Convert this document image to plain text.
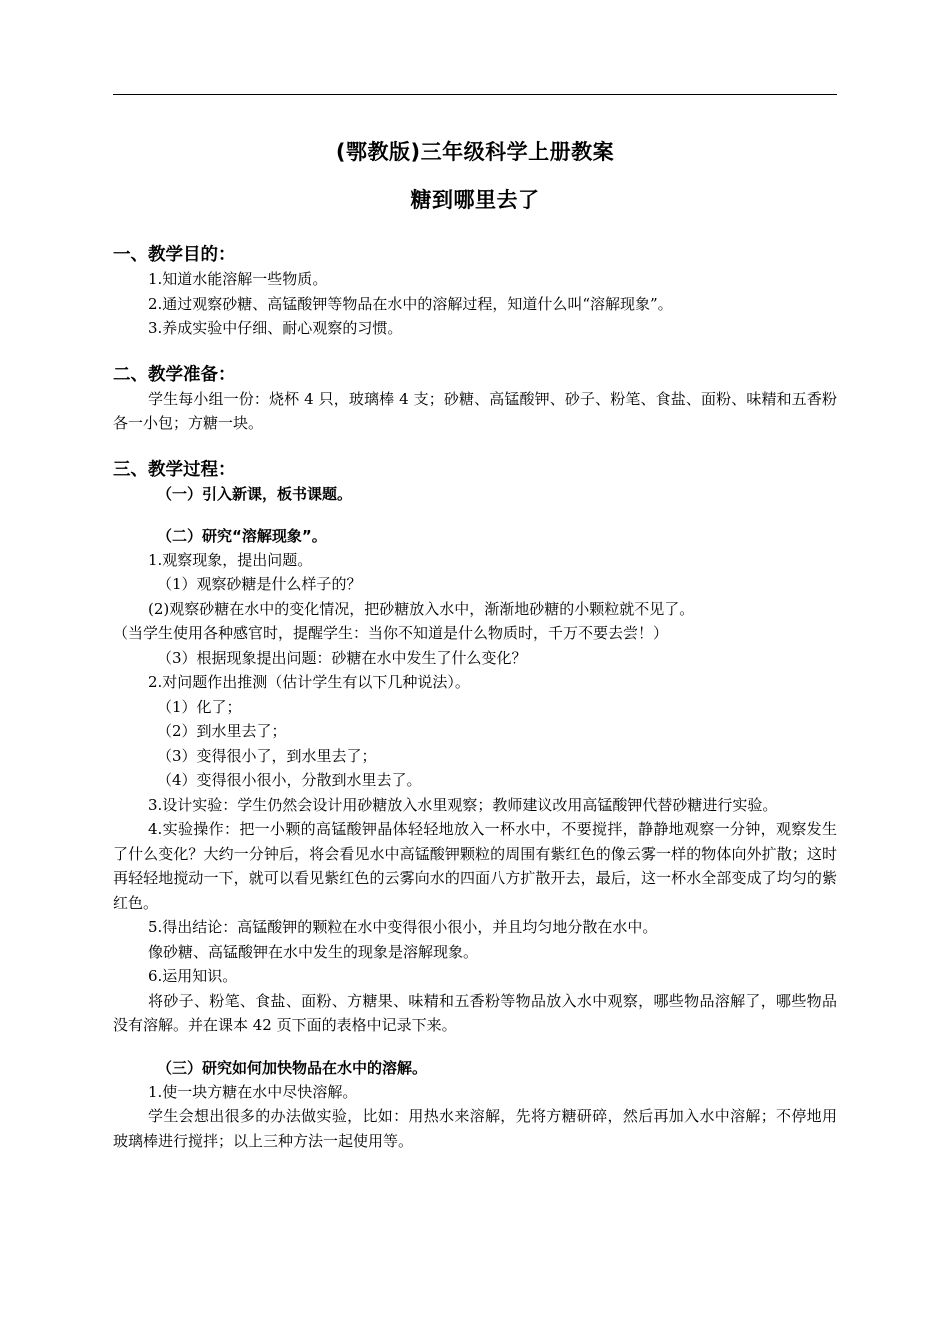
(鄂教版)三年级科学上册教案
糖到哪里去了

一、教学目的：

1.知道水能溶解一些物质。

2.通过观察砂糖、高锰酸钾等物品在水中的溶解过程，知道什么叫“溶解现象”。

3.养成实验中仔细、耐心观察的习惯。

二、教学准备：

学生每小组一份：烧杯 4 只，玻璃棒 4 支；砂糖、高锰酸钾、砂子、粉笔、食盐、面粉、味精和五香粉各一小包；方糖一块。

三、教学过程：

（一）引入新课，板书课题。

（二）研究“溶解现象”。

1.观察现象，提出问题。

（1）观察砂糖是什么样子的？

(2)观察砂糖在水中的变化情况，把砂糖放入水中，渐渐地砂糖的小颗粒就不见了。

（当学生使用各种感官时，提醒学生：当你不知道是什么物质时，千万不要去尝！）

（3）根据现象提出问题：砂糖在水中发生了什么变化？

2.对问题作出推测（估计学生有以下几种说法）。

（1）化了；

（2）到水里去了；

（3）变得很小了，到水里去了；

（4）变得很小很小，分散到水里去了。

3.设计实验：学生仍然会设计用砂糖放入水里观察；教师建议改用高锰酸钾代替砂糖进行实验。

4.实验操作：把一小颗的高锰酸钾晶体轻轻地放入一杯水中，不要搅拌，静静地观察一分钟，观察发生了什么变化？大约一分钟后，将会看见水中高锰酸钾颗粒的周围有紫红色的像云雾一样的物体向外扩散；这时再轻轻地搅动一下，就可以看见紫红色的云雾向水的四面八方扩散开去，最后，这一杯水全部变成了均匀的紫红色。

5.得出结论：高锰酸钾的颗粒在水中变得很小很小，并且均匀地分散在水中。

像砂糖、高锰酸钾在水中发生的现象是溶解现象。

6.运用知识。

将砂子、粉笔、食盐、面粉、方糖果、味精和五香粉等物品放入水中观察，哪些物品溶解了，哪些物品没有溶解。并在课本 42 页下面的表格中记录下来。

（三）研究如何加快物品在水中的溶解。

1.使一块方糖在水中尽快溶解。

学生会想出很多的办法做实验，比如：用热水来溶解，先将方糖研碎，然后再加入水中溶解；不停地用玻璃棒进行搅拌；以上三种方法一起使用等。
